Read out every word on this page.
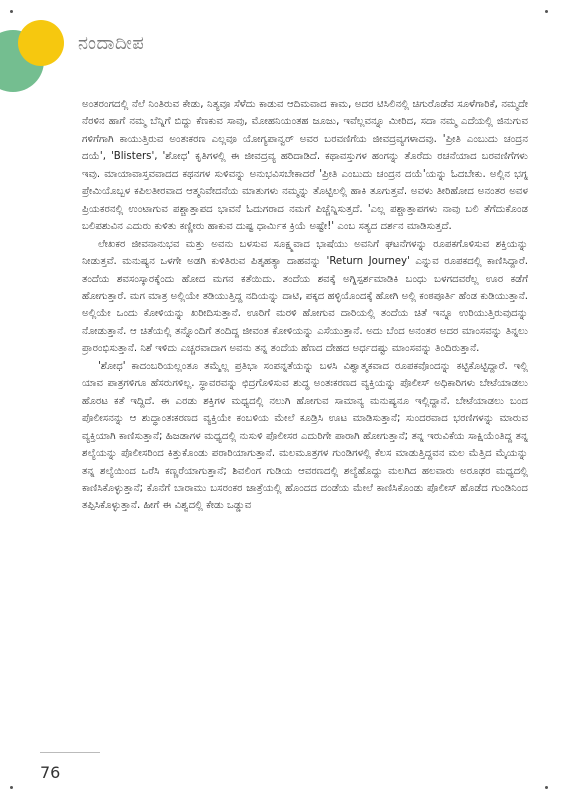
ನಂದಾದೀಪ

ಅಂತರಂಗದಲ್ಲಿ ನೆಲೆ ನಿಂತಿರುವ ಕೇಡು, ನಿತ್ಯವೂ ಸೆಳೆದು ಕಾಡುವ ಆದಿಮವಾದ ಕಾಮ, ಅದರ ಟಿಸಿಲಿನಲ್ಲಿ ಚಿಗುರೊಡೆವ ಸೂಳೆಗಾರಿಕೆ, ನಮ್ಮದೇ ನೆರಳಿನ ಹಾಗೆ ನಮ್ಮ ಬೆನ್ನಿಗೆ ಬಿದ್ದು ಕೆಣಕುವ ಸಾವು, ಮೋಹನಿಯಂತಹ ಜೂಜು, ಇವೆಲ್ಲವನ್ನೂ ಮೀರಿದ, ಸದಾ ನಮ್ಮ ಎದೆಯಲ್ಲಿ ಜಿನುಗುವ ಗಳಿಗೆಗಾಗಿ ಕಾಯುತ್ತಿರುವ ಅಂತಃಕರಣ ಎಲ್ಲವೂ ಯೋಗ್ಯಪಾನ್ವರ್ ಅವರ ಬರವಣಿಗೆಯ ಜೀವದ್ರವ್ಯಗಳಾದವು. 'ಪ್ರೀತಿ ಎಂಬುದು ಚಂದ್ರನ ದಯೆ', 'Blisters', 'ಶೋಧ' ಕೃತಿಗಳಲ್ಲಿ ಈ ಜೀವದ್ರವ್ಯ ಹರಿದಾಡಿದೆ. ಕಥಾವಸ್ತುಗಳ ಹಂಗನ್ನು ತೊರೆದು ರಚನೆಯಾದ ಬರವಣಿಗೆಗಳು ಇವು. ಮಾಯಾವಾಸ್ತವವಾದದ ಕಥನಗಳ ಸುಳಿವನ್ನು ಅನುಭವಿಸಬೇಕಾದರೆ 'ಪ್ರೀತಿ ಎಂಬುದು ಚಂದ್ರನ ದಯೆ'ಯನ್ನು ಓದಬೇಕು. ಅಲ್ಲಿನ ಭಗ್ನ ಪ್ರೇಮಿಯೊಬ್ಬಳ ಕಪಿಲತೀರವಾದ ಆತ್ಮನಿವೇದನೆಯ ಮಾತುಗಳು ನಮ್ಮನ್ನು ತೊಟ್ಟಿಲಲ್ಲಿ ಹಾಕಿ ತೂಗುತ್ತವೆ. ಅವಳು ತೀರಿಹೋದ ಅನಂತರ ಅವಳ ಪ್ರಿಯಕರನಲ್ಲಿ ಉಂಟಾಗುವ ಪಶ್ಚಾತ್ತಾಪದ ಭಾವನೆ ಓದುಗರಾದ ನಮಗೆ ಪಿಚ್ಚೆನ್ನಿಸುತ್ತದೆ. 'ಎಲ್ಲ ಪಶ್ಚಾತ್ತಾಪಗಳು ನಾವು ಬಲಿ ತೆಗೆದುಕೊಂಡ ಬಲಿಪಶುವಿನ ಎದುರು ಕುಳಿತು ಕಣ್ಣೀರು ಹಾಕುವ ದುಷ್ಟ ಧಾರ್ಮಿಕ ಕ್ರಿಯೆ ಅಷ್ಟೇ!' ಎಂಬ ಸತ್ಯದ ದರ್ಶನ ಮಾಡಿಸುತ್ತದೆ.

ಲೇಖಕರ ಜೀವನಾನುಭವ ಮತ್ತು ಅವನು ಬಳಸುವ ಸೂಕ್ಷ್ಮವಾದ ಭಾಷೆಯು ಅವನಿಗೆ ಘಟನೆಗಳನ್ನು ರೂಪಕಗೊಳಿಸುವ ಶಕ್ತಿಯನ್ನು ನೀಡುತ್ತವೆ. ಮನುಷ್ಯನ ಒಳಗೇ ಅಡಗಿ ಕುಳಿತಿರುವ ಪಿತೃಹತ್ಯಾ ದಾಹವನ್ನು 'Return Journey' ಎನ್ನುವ ರೂಪಕದಲ್ಲಿ ಕಾಣಿಸಿದ್ದಾರೆ. ತಂದೆಯ ಶವಸಂಸ್ಕಾರಕ್ಕೆಂದು ಹೋದ ಮಗನ ಕತೆಯಿದು. ತಂದೆಯ ಶವಕ್ಕೆ ಅಗ್ನಿಸ್ಪರ್ಶಮಾಡಿಕಿ ಬಂಧು ಬಳಗದವರೆಲ್ಲ ಊರ ಕಡೆಗೆ ಹೋಗುತ್ತಾರೆ. ಮಗ ಮಾತ್ರ ಅಲ್ಲಿಯೇ ತಡಿಯುತ್ತಿದ್ದ ನದಿಯನ್ನು ದಾಟಿ, ಪಕ್ಕದ ಹಳ್ಳಿಯೊಂದಕ್ಕೆ ಹೋಗಿ ಅಲ್ಲಿ ಕಂಠಪೂರ್ತಿ ಹೆಂಡ ಕುಡಿಯುತ್ತಾನೆ. ಅಲ್ಲಿಯೇ ಒಂದು ಕೋಳಿಯನ್ನು ಖರೀದಿಸುತ್ತಾನೆ. ಊರಿಗೆ ಮರಳಿ ಹೋಗುವ ದಾರಿಯಲ್ಲಿ ತಂದೆಯ ಚಿತೆ ಇನ್ನೂ ಉರಿಯುತ್ತಿರುವುದನ್ನು ನೋಡುತ್ತಾನೆ. ಆ ಚಿತೆಯಲ್ಲಿ ತನ್ನೊಂದಿಗೆ ತಂದಿದ್ದ ಜೀವಂತ ಕೋಳಿಯನ್ನು ಎಸೆಯುತ್ತಾನೆ. ಅದು ಬೆಂದ ಅನಂತರ ಅದರ ಮಾಂಸವನ್ನು ತಿನ್ನಲು ಪ್ರಾರಂಭಿಸುತ್ತಾನೆ. ನಿಶೆ ಇಳಿದು ಎಚ್ಚರವಾದಾಗ ಅವನು ತನ್ನ ತಂದೆಯ ಹೆಣದ ದೇಹದ ಅರ್ಧದಷ್ಟು ಮಾಂಸವನ್ನು ತಿಂದಿರುತ್ತಾನೆ.

'ಶೋಧ' ಕಾದಂಬರಿಯಲ್ಲಂತೂ ತಮ್ಮೆಲ್ಲ ಪ್ರತಿಭಾ ಸಂಪನ್ನತೆಯನ್ನು ಬಳಸಿ ವಿಶ್ವಾತ್ಮಕವಾದ ರೂಪಕವೊಂದನ್ನು ಕಟ್ಟಿಕೊಟ್ಟಿದ್ದಾರೆ. ಇಲ್ಲಿ ಯಾವ ಪಾತ್ರಗಳಿಗೂ ಹೆಸರುಗಳಿಲ್ಲ. ಸ್ಥಾವರವನ್ನು ಛಿದ್ರಗೊಳಿಸುವ ಶುದ್ಧ ಅಂತಃಕರಣದ ವ್ಯಕ್ತಿಯನ್ನು ಪೊಲೀಸ್ ಅಧಿಕಾರಿಗಳು ಬೇಟೆಯಾಡಲು ಹೊರಟ ಕತೆ ಇದ್ದಿದೆ. ಈ ಎರಡು ಶಕ್ತಿಗಳ ಮಧ್ಯದಲ್ಲಿ ನಲುಗಿ ಹೋಗುವ ಸಾಮಾನ್ಯ ಮನುಷ್ಯನೂ ಇಲ್ಲಿದ್ದಾನೆ. ಬೇಟೆಯಾಡಲು ಬಂದ ಪೊಲೀಸನನ್ನು ಆ ಶುದ್ಧಾಂತಃಕರಣದ ವ್ಯಕ್ತಿಯೇ ಕಂಬಳಿಯ ಮೇಲೆ ಕೂಡ್ರಿಸಿ ಊಟ ಮಾಡಿಸುತ್ತಾನೆ; ಸುಂದರವಾದ ಭರಣಿಗಳನ್ನು ಮಾರುವ ವ್ಯಕ್ತಿಯಾಗಿ ಕಾಣಿಸುತ್ತಾನೆ; ಹಿಜಡಾಗಳ ಮಧ್ಯದಲ್ಲಿ ನುಸುಳಿ ಪೊಲೀಸರ ಎದುರಿಗೇ ಪಾರಾಗಿ ಹೋಗುತ್ತಾನೆ; ತನ್ನ ಇರುವಿಕೆಯ ಸಾಕ್ಷಿಯೆಂತಿದ್ದ ತನ್ನ ಶಲ್ಯೆಯನ್ನು ಪೊಲೀಸರಿಂದ ಕಿತ್ತುಕೊಂಡು ಪರಾರಿಯಾಗುತ್ತಾನೆ. ಮಲಮೂತ್ರಗಳ ಗುಂಡಿಗಳಲ್ಲಿ ಕೆಲಸ ಮಾಡುತ್ತಿದ್ದವನ ಮಲ ಮೆತ್ತಿದ ಮೈಯನ್ನು ತನ್ನ ಶಲ್ಯೆಯಿಂದ ಒರೆಸಿ ಕಣ್ಣರೆಯಾಗುತ್ತಾನೆ; ಶಿವಲಿಂಗ ಗುಡಿಯ ಆವರಣದಲ್ಲಿ ಶಲ್ಯೆಹೊದ್ದು ಮಲಗಿದ ಹಲವಾರು ಅರೂಢರ ಮಧ್ಯದಲ್ಲಿ ಕಾಣಿಸಿಕೊಳ್ಳುತ್ತಾನೆ; ಕೊನೆಗೆ ಬಾರಾಮು ಬಸರಂಕರ ಜಾತ್ರೆಯಲ್ಲಿ ಹೊಂದದ ದಂಡೆಯ ಮೇಲೆ ಕಾಣಿಸಿಕೊಂಡು ಪೊಲೀಸ್ ಹೊಡೆದ ಗುಂಡಿನಿಂದ ತಪ್ಪಿಸಿಕೊಳ್ಳುತ್ತಾನೆ. ಹೀಗೆ ಈ ವಿಶ್ವದಲ್ಲಿ ಕೇಡು ಒಡ್ಡುವ

76
